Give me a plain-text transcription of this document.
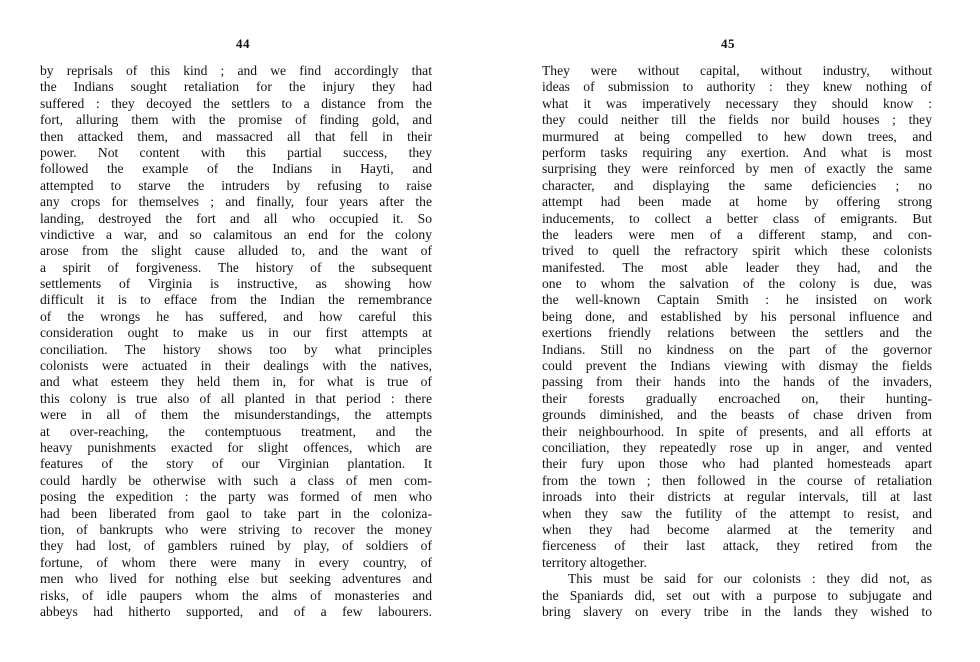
44
by reprisals of this kind ; and we find accordingly that
the Indians sought retaliation for the injury they had
suffered : they decoyed the settlers to a distance from the
fort, alluring them with the promise of finding gold, and
then attacked them, and massacred all that fell in their
power. Not content with this partial success, they
followed the example of the Indians in Hayti, and
attempted to starve the intruders by refusing to raise
any crops for themselves ; and finally, four years after the
landing, destroyed the fort and all who occupied it. So
vindictive a war, and so calamitous an end for the colony
arose from the slight cause alluded to, and the want of
a spirit of forgiveness. The history of the subsequent
settlements of Virginia is instructive, as showing how
difficult it is to efface from the Indian the remembrance
of the wrongs he has suffered, and how careful this
consideration ought to make us in our first attempts at
conciliation. The history shows too by what principles
colonists were actuated in their dealings with the natives,
and what esteem they held them in, for what is true of
this colony is true also of all planted in that period : there
were in all of them the misunderstandings, the attempts
at over-reaching, the contemptuous treatment, and the
heavy punishments exacted for slight offences, which are
features of the story of our Virginian plantation. It
could hardly be otherwise with such a class of men com-
posing the expedition : the party was formed of men who
had been liberated from gaol to take part in the coloniza-
tion, of bankrupts who were striving to recover the money
they had lost, of gamblers ruined by play, of soldiers of
fortune, of whom there were many in every country, of
men who lived for nothing else but seeking adventures and
risks, of idle paupers whom the alms of monasteries and
abbeys had hitherto supported, and of a few labourers.
45
They were without capital, without industry, without
ideas of submission to authority : they knew nothing of
what it was imperatively necessary they should know :
they could neither till the fields nor build houses ; they
murmured at being compelled to hew down trees, and
perform tasks requiring any exertion. And what is most
surprising they were reinforced by men of exactly the same
character, and displaying the same deficiencies ; no
attempt had been made at home by offering strong
inducements, to collect a better class of emigrants. But
the leaders were men of a different stamp, and con-
trived to quell the refractory spirit which these colonists
manifested. The most able leader they had, and the
one to whom the salvation of the colony is due, was
the well-known Captain Smith : he insisted on work
being done, and established by his personal influence and
exertions friendly relations between the settlers and the
Indians. Still no kindness on the part of the governor
could prevent the Indians viewing with dismay the fields
passing from their hands into the hands of the invaders,
their forests gradually encroached on, their hunting-
grounds diminished, and the beasts of chase driven from
their neighbourhood. In spite of presents, and all efforts at
conciliation, they repeatedly rose up in anger, and vented
their fury upon those who had planted homesteads apart
from the town ; then followed in the course of retaliation
inroads into their districts at regular intervals, till at last
when they saw the futility of the attempt to resist, and
when they had become alarmed at the temerity and
fierceness of their last attack, they retired from the
territory altogether.
This must be said for our colonists : they did not, as
the Spaniards did, set out with a purpose to subjugate and
bring slavery on every tribe in the lands they wished to
